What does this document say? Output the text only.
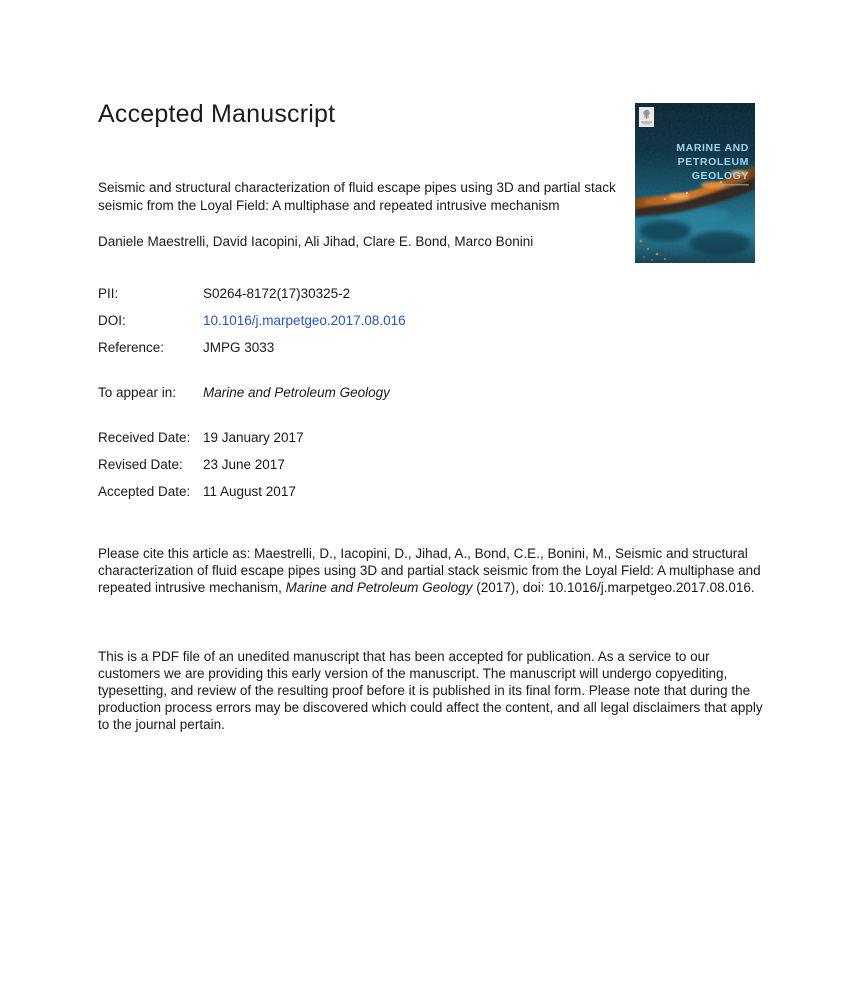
Accepted Manuscript
MARINE AND
PETROLEUM
GEOLOGY
Seismic and structural characterization of fluid escape pipes using 3D and partial stack seismic from the Loyal Field: A multiphase and repeated intrusive mechanism
Daniele Maestrelli, David Iacopini, Ali Jihad, Clare E. Bond, Marco Bonini
PII:	S0264-8172(17)30325-2
DOI:	10.1016/j.marpetgeo.2017.08.016
Reference:	JMPG 3033
To appear in: Marine and Petroleum Geology
Received Date: 19 January 2017
Revised Date: 23 June 2017
Accepted Date: 11 August 2017
Please cite this article as: Maestrelli, D., Iacopini, D., Jihad, A., Bond, C.E., Bonini, M., Seismic and structural characterization of fluid escape pipes using 3D and partial stack seismic from the Loyal Field: A multiphase and repeated intrusive mechanism, Marine and Petroleum Geology (2017), doi: 10.1016/j.marpetgeo.2017.08.016.
This is a PDF file of an unedited manuscript that has been accepted for publication. As a service to our customers we are providing this early version of the manuscript. The manuscript will undergo copyediting, typesetting, and review of the resulting proof before it is published in its final form. Please note that during the production process errors may be discovered which could affect the content, and all legal disclaimers that apply to the journal pertain.
